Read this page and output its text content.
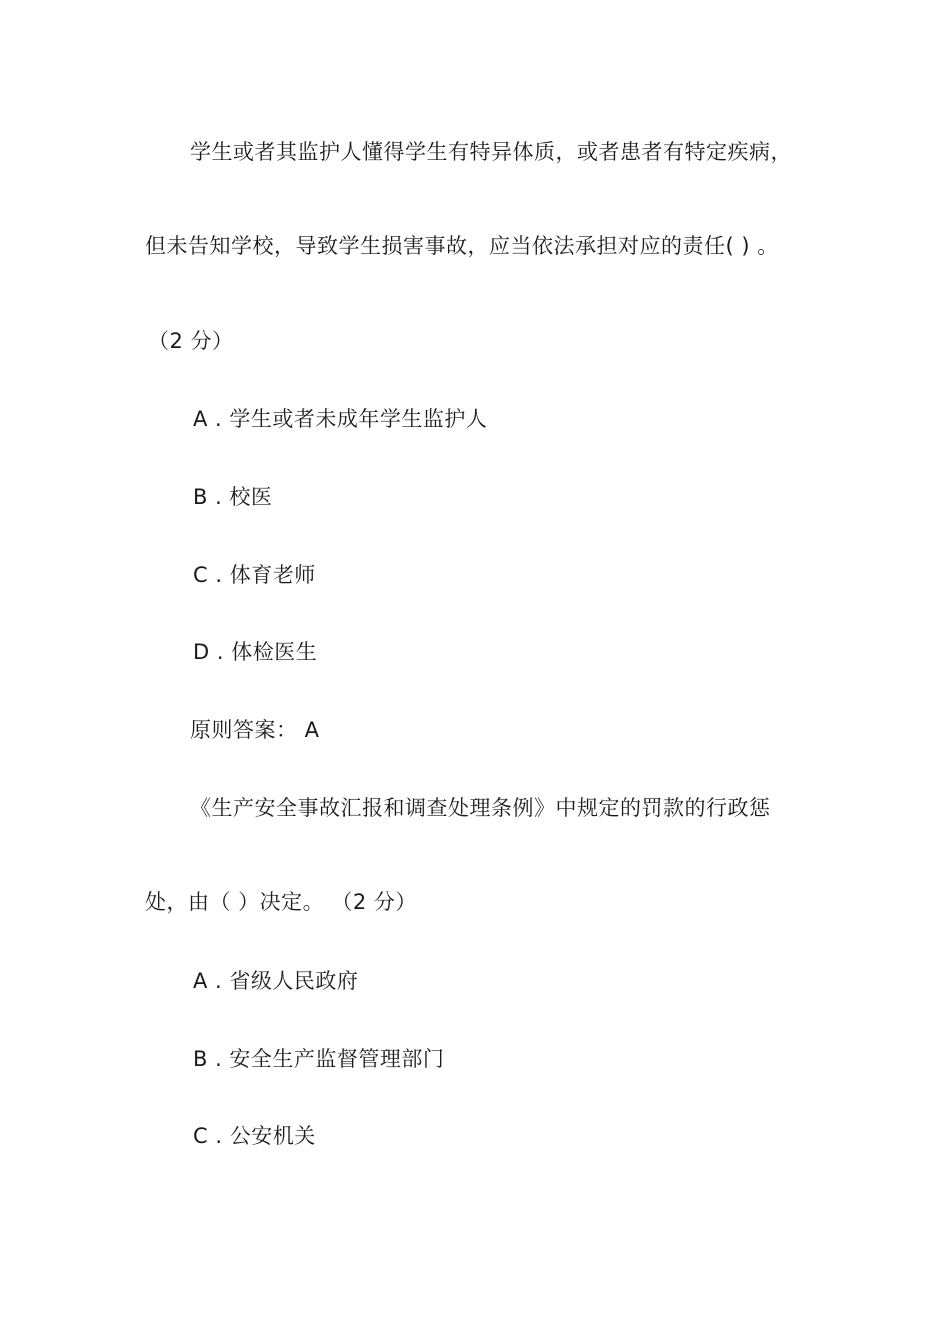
学生或者其监护人懂得学生有特异体质，或者患者有特定疾病，
但未告知学校，导致学生损害事故，应当依法承担对应的责任( ) 。
（2 分）
A . 学生或者未成年学生监护人
B . 校医
C . 体育老师
D . 体检医生
原则答案： A
《生产安全事故汇报和调查处理条例》中规定的罚款的行政惩
处，由（ ）决定。 （2 分）
A . 省级人民政府
B . 安全生产监督管理部门
C . 公安机关
